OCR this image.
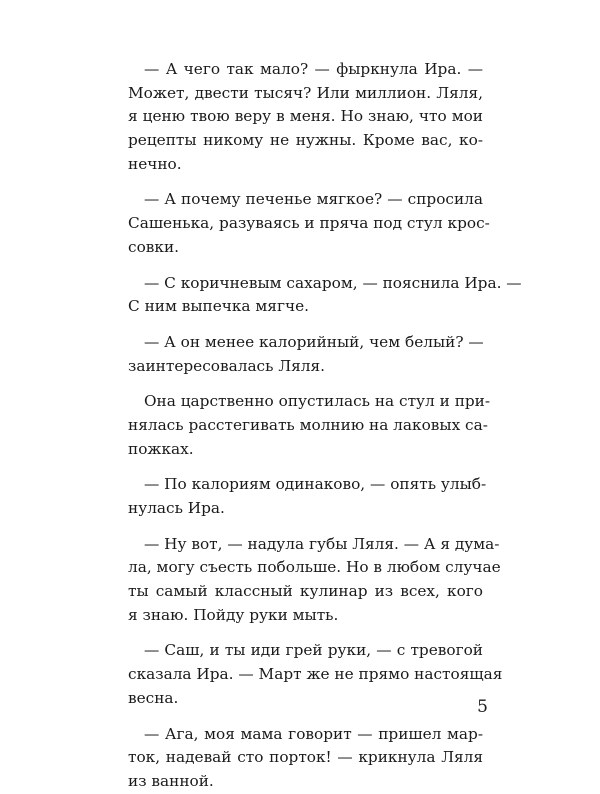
— А чего так мало? — фыркнула Ира. —
Может, двести тысяч? Или миллион. Ляля,
я ценю твою веру в меня. Но знаю, что мои
рецепты никому не нужны. Кроме вас, ко-
нечно.
— А почему печенье мягкое? — спросила
Сашенька, разуваясь и пряча под стул крос-
совки.
— С коричневым сахаром, — пояснила Ира. —
С ним выпечка мягче.
— А он менее калорийный, чем белый? —
заинтересовалась Ляля.
Она царственно опустилась на стул и при-
нялась расстегивать молнию на лаковых са-
пожках.
— По калориям одинаково, — опять улыб-
нулась Ира.
— Ну вот, — надула губы Ляля. — А я дума-
ла, могу съесть побольше. Но в любом случае
ты самый классный кулинар из всех, кого
я знаю. Пойду руки мыть.
— Саш, и ты иди грей руки, — с тревогой
сказала Ира. — Март же не прямо настоящая
весна.
— Ага, моя мама говорит — пришел мар-
ток, надевай сто порток! — крикнула Ляля
из ванной.
5
